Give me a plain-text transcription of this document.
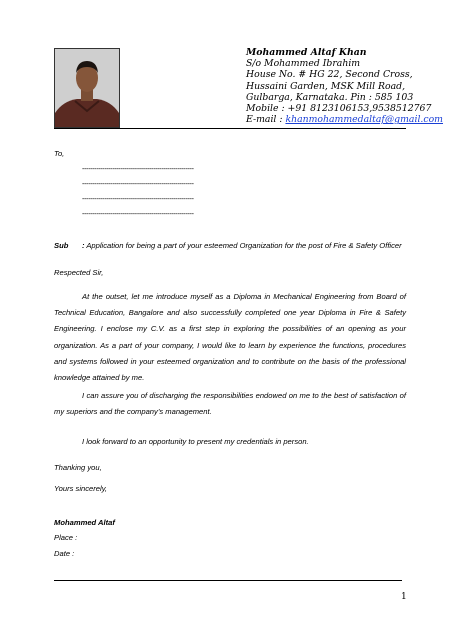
Mohammed Altaf Khan
S/o Mohammed Ibrahim
House No. # HG 22, Second Cross,
Hussaini Garden, MSK Mill Road,
Gulbarga, Karnataka. Pin : 585 103
Mobile : +91 8123106153,9538512767
E-mail : khanmohammedaltaf@gmail.com
To,
-------------------------------------------------------
-------------------------------------------------------
-------------------------------------------------------
-------------------------------------------------------
Sub : Application for being a part of your esteemed Organization for the post of Fire & Safety Officer
Respected Sir,
At the outset, let me introduce myself as a Diploma in Mechanical Engineering from Board of Technical Education, Bangalore and also successfully completed one year Diploma in Fire & Safety Engineering. I enclose my C.V. as a first step in exploring the possibilities of an opening as your organization. As a part of your company, I would like to learn by experience the functions, procedures and systems followed in your esteemed organization and to contribute on the basis of the professional knowledge attained by me.
I can assure you of discharging the responsibilities endowed on me to the best of satisfaction of my superiors and the company’s management.
I look forward to an opportunity to present my credentials in person.
Thanking you,
Yours sincerely,
Mohammed Altaf
Place :
Date :
1
